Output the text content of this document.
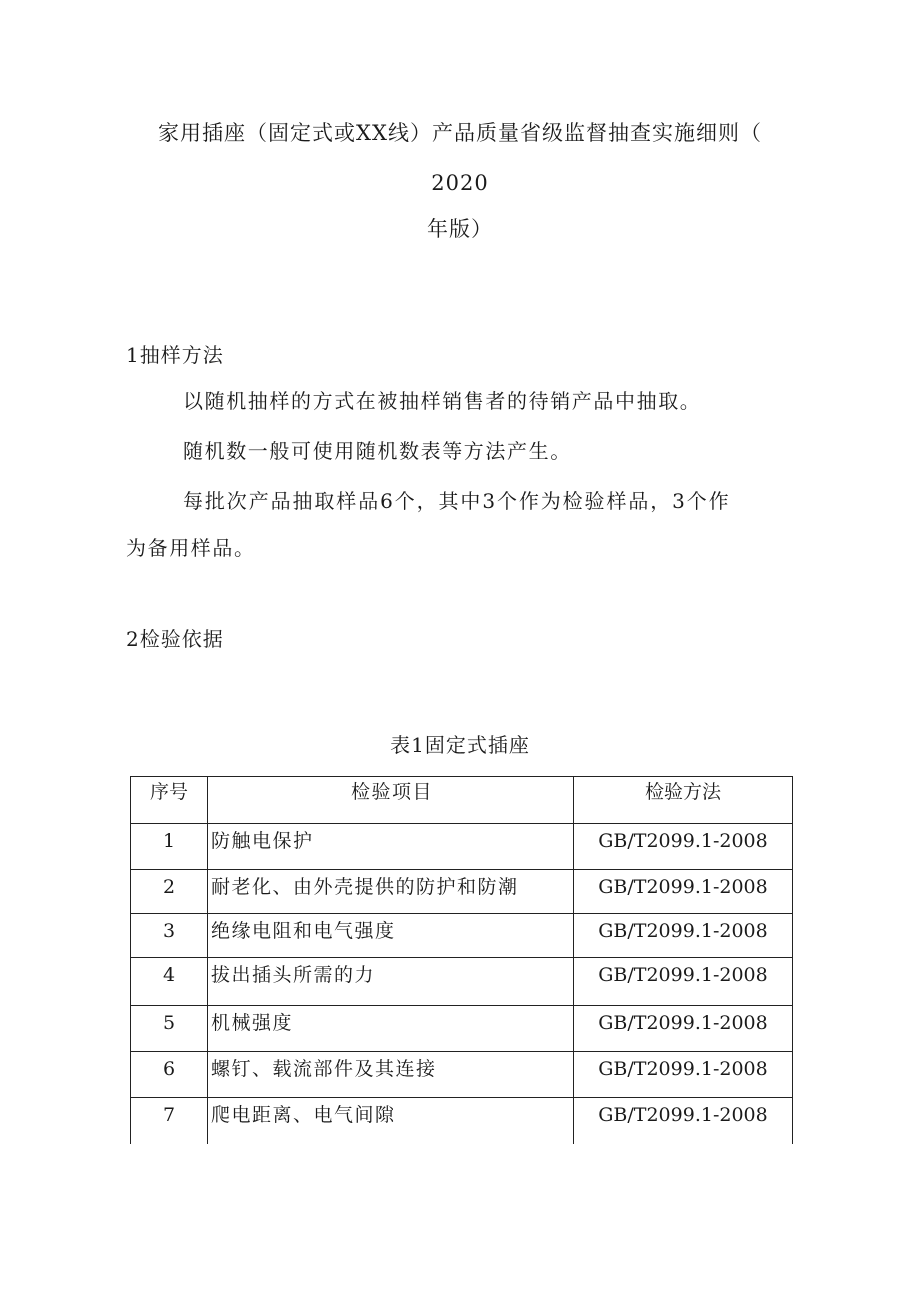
家用插座（固定式或XX线）产品质量省级监督抽查实施细则（
2020
年版）
1抽样方法
以随机抽样的方式在被抽样销售者的待销产品中抽取。
随机数一般可使用随机数表等方法产生。
每批次产品抽取样品6个，其中3个作为检验样品，3个作
为备用样品。
2检验依据
表1固定式插座
序号	检验项目	检验方法
1	防触电保护	GB/T2099.1-2008
2	耐老化、由外壳提供的防护和防潮	GB/T2099.1-2008
3	绝缘电阻和电气强度	GB/T2099.1-2008
4	拔出插头所需的力	GB/T2099.1-2008
5	机械强度	GB/T2099.1-2008
6	螺钉、载流部件及其连接	GB/T2099.1-2008
7	爬电距离、电气间隙	GB/T2099.1-2008
